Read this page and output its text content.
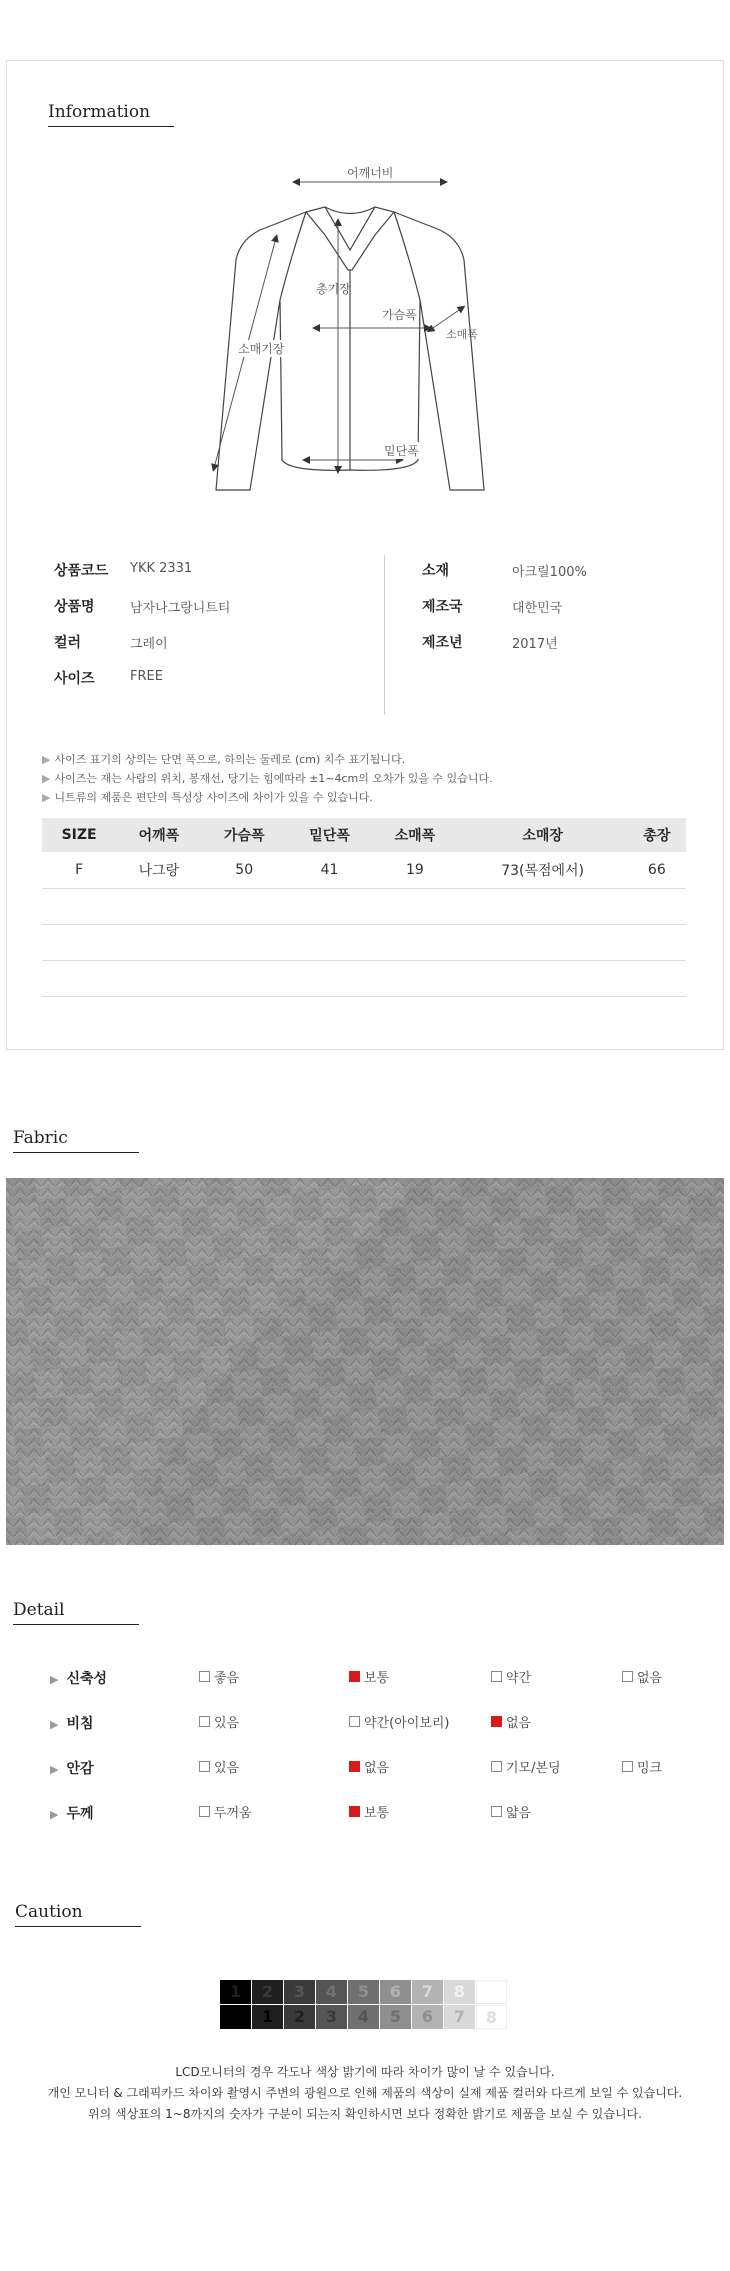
Information
어깨너비
총기장
가슴폭
소매폭
소매기장
밑단폭
상품코드 YKK 2331
상품명	남자나그랑니트티
컬러	그레이
사이즈	FREE
소재	아크릴100%
제조국	대한민국
제조년	2017년
▶ 사이즈 표기의 상의는 단면 폭으로, 하의는 둘레로 (cm) 치수 표기됩니다.
▶ 사이즈는 재는 사람의 위치, 봉재선, 당기는 힘에따라 ±1~4cm의 오차가 있을 수 있습니다.
▶ 니트류의 제품은 편단의 특성상 사이즈에 차이가 있을 수 있습니다.
SIZE	어깨폭	가슴폭	밑단폭	소매폭	소매장	총장
F	나그랑	50	41	19	73(목점에서)	66

Fabric
Detail
▶ 신축성	좋음	보통	약간	없음
▶ 비침	있음	약간(아이보리)	없음
▶ 안감	있음	없음	기모/본딩	밍크
▶ 두께	두꺼움	보통	얇음
Caution
1	2	3	4	5	6	7	8
1	2	3	4	5	6	7	8
LCD모니터의 경우 각도나 색상 밝기에 따라 차이가 많이 날 수 있습니다.
개인 모니터 & 그래픽카드 차이와 촬영시 주변의 광원으로 인해 제품의 색상이 실제 제품 컬러와 다르게 보일 수 있습니다.
위의 색상표의 1~8까지의 숫자가 구분이 되는지 확인하시면 보다 정확한 밝기로 제품을 보실 수 있습니다.
